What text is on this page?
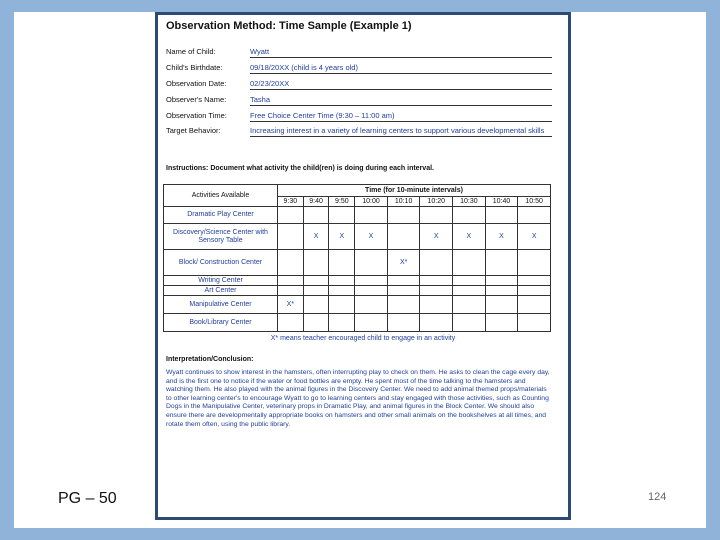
Observation Method: Time Sample (Example 1)
Name of Child:	Wyatt
Child's Birthdate:	09/18/20XX (child is 4 years old)
Observation Date:	02/23/20XX
Observer's Name:	Tasha
Observation Time:	Free Choice Center Time (9:30 – 11:00 am)
Target Behavior:	Increasing interest in a variety of learning centers to support various developmental skills
Instructions: Document what activity the child(ren) is doing during each interval.
Activities Available	Time (for 10-minute intervals)								
	9:30	9:40	9:50	10:00	10:10	10:20	10:30	10:40	10:50
Dramatic Play Center									
Discovery/Science Center with Sensory Table		X	X	X		X	X	X	X
Block/ Construction Center					X*				
Writing Center									
Art Center									
Manipulative Center	X*								
Book/Library Center									
X* means teacher encouraged child to engage in an activity
Interpretation/Conclusion:
Wyatt continues to show interest in the hamsters, often interrupting play to check on them. He asks to clean the cage every day, and is the first one to notice if the water or food bottles are empty. He spent most of the time talking to the hamsters and watching them. He also played with the animal figures in the Discovery Center. We need to add animal themed props/materials to other learning center's to encourage Wyatt to go to learning centers and stay engaged with those activities, such as Counting Dogs in the Manipulative Center, veterinary props in Dramatic Play, and animal figures in the Block Center. We should also ensure there are developmentally appropriate books on hamsters and other small animals on the bookshelves at all times, and rotate them often, using the public library.
PG – 50	124
